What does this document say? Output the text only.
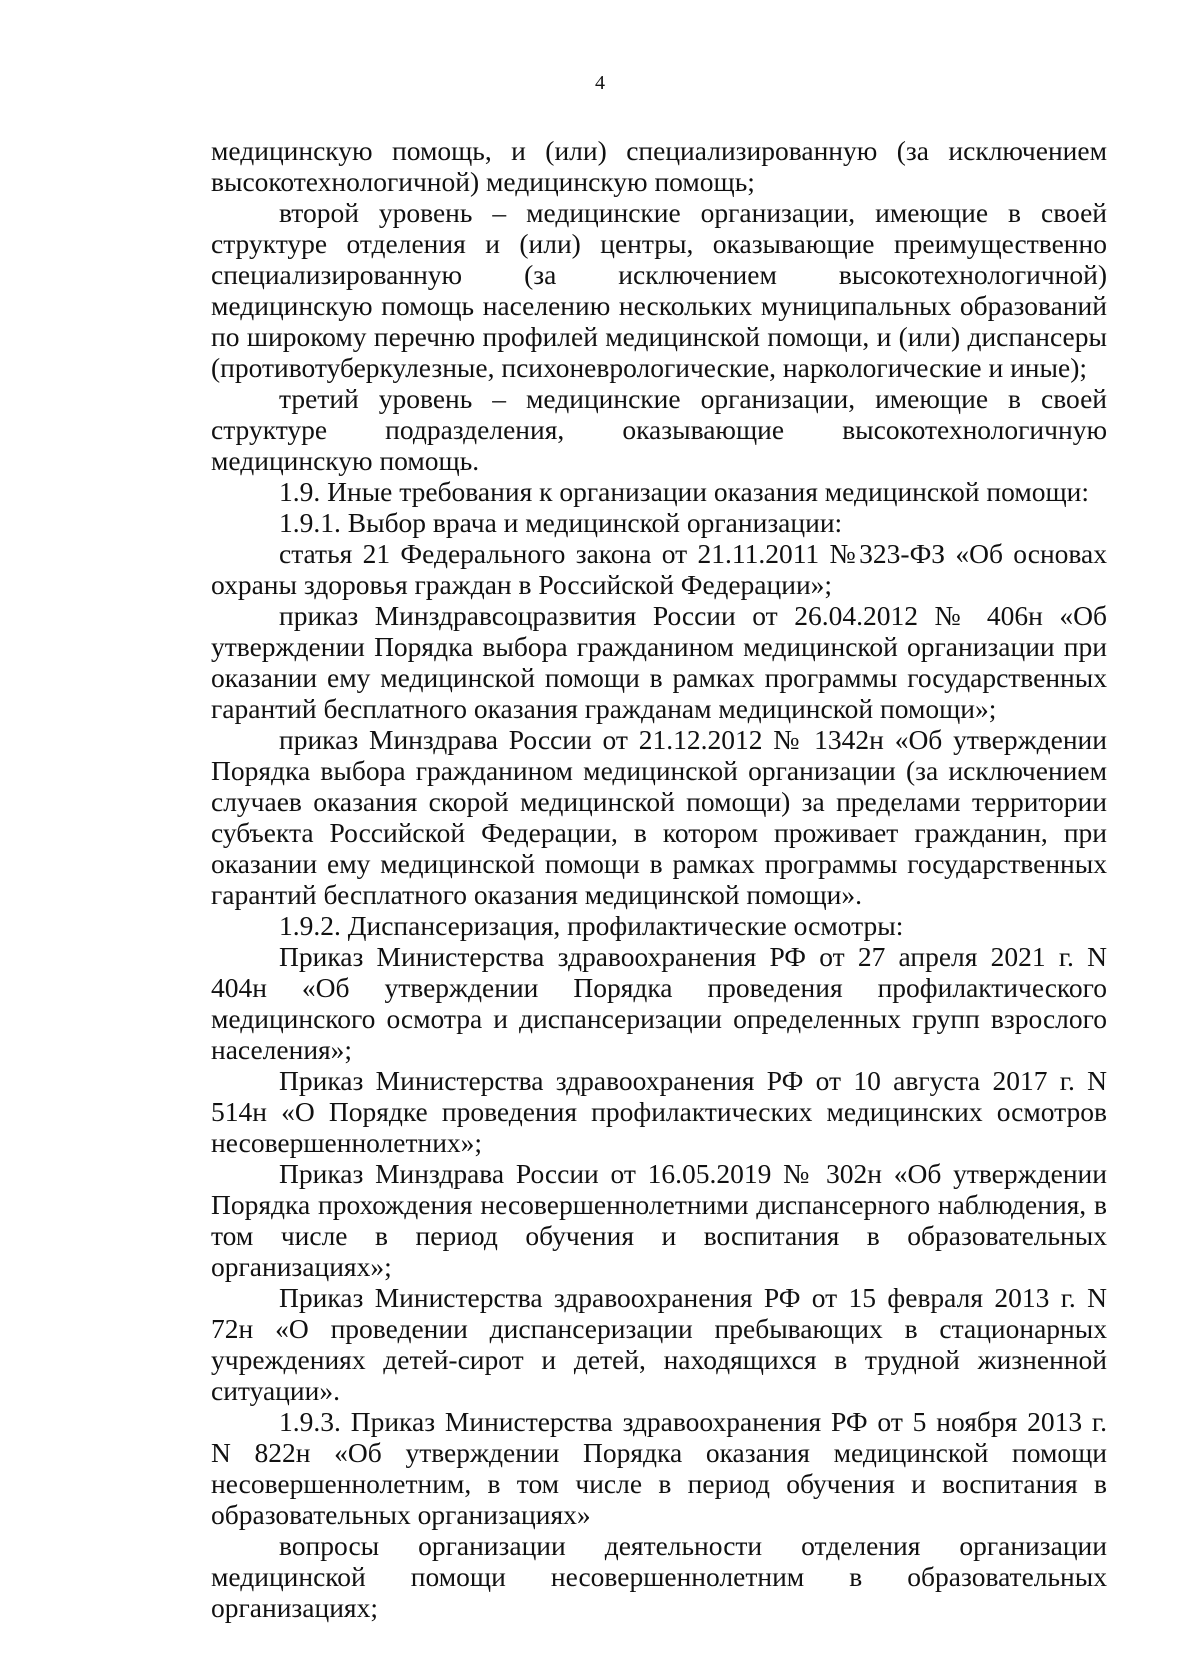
4

медицинскую помощь, и (или) специализированную (за исключением высокотехнологичной) медицинскую помощь;

второй уровень – медицинские организации, имеющие в своей структуре отделения и (или) центры, оказывающие преимущественно специализированную (за исключением высокотехнологичной) медицинскую помощь населению нескольких муниципальных образований по широкому перечню профилей медицинской помощи, и (или) диспансеры (противотуберкулезные, психоневрологические, наркологические и иные);

третий уровень – медицинские организации, имеющие в своей структуре подразделения, оказывающие высокотехнологичную медицинскую помощь.

1.9. Иные требования к организации оказания медицинской помощи:

1.9.1. Выбор врача и медицинской организации:

статья 21 Федерального закона от 21.11.2011 №323-ФЗ «Об основах охраны здоровья граждан в Российской Федерации»;

приказ Минздравсоцразвития России от 26.04.2012 № 406н «Об утверждении Порядка выбора гражданином медицинской организации при оказании ему медицинской помощи в рамках программы государственных гарантий бесплатного оказания гражданам медицинской помощи»;

приказ Минздрава России от 21.12.2012 № 1342н «Об утверждении Порядка выбора гражданином медицинской организации (за исключением случаев оказания скорой медицинской помощи) за пределами территории субъекта Российской Федерации, в котором проживает гражданин, при оказании ему медицинской помощи в рамках программы государственных гарантий бесплатного оказания медицинской помощи».

1.9.2. Диспансеризация, профилактические осмотры:

Приказ Министерства здравоохранения РФ от 27 апреля 2021 г. N 404н «Об утверждении Порядка проведения профилактического медицинского осмотра и диспансеризации определенных групп взрослого населения»;

Приказ Министерства здравоохранения РФ от 10 августа 2017 г. N 514н «О Порядке проведения профилактических медицинских осмотров несовершеннолетних»;

Приказ Минздрава России от 16.05.2019 № 302н «Об утверждении Порядка прохождения несовершеннолетними диспансерного наблюдения, в том числе в период обучения и воспитания в образовательных организациях»;

Приказ Министерства здравоохранения РФ от 15 февраля 2013 г. N 72н «О проведении диспансеризации пребывающих в стационарных учреждениях детей-сирот и детей, находящихся в трудной жизненной ситуации».

1.9.3. Приказ Министерства здравоохранения РФ от 5 ноября 2013 г. N 822н «Об утверждении Порядка оказания медицинской помощи несовершеннолетним, в том числе в период обучения и воспитания в образовательных организациях»

вопросы организации деятельности отделения организации медицинской помощи несовершеннолетним в образовательных организациях;
